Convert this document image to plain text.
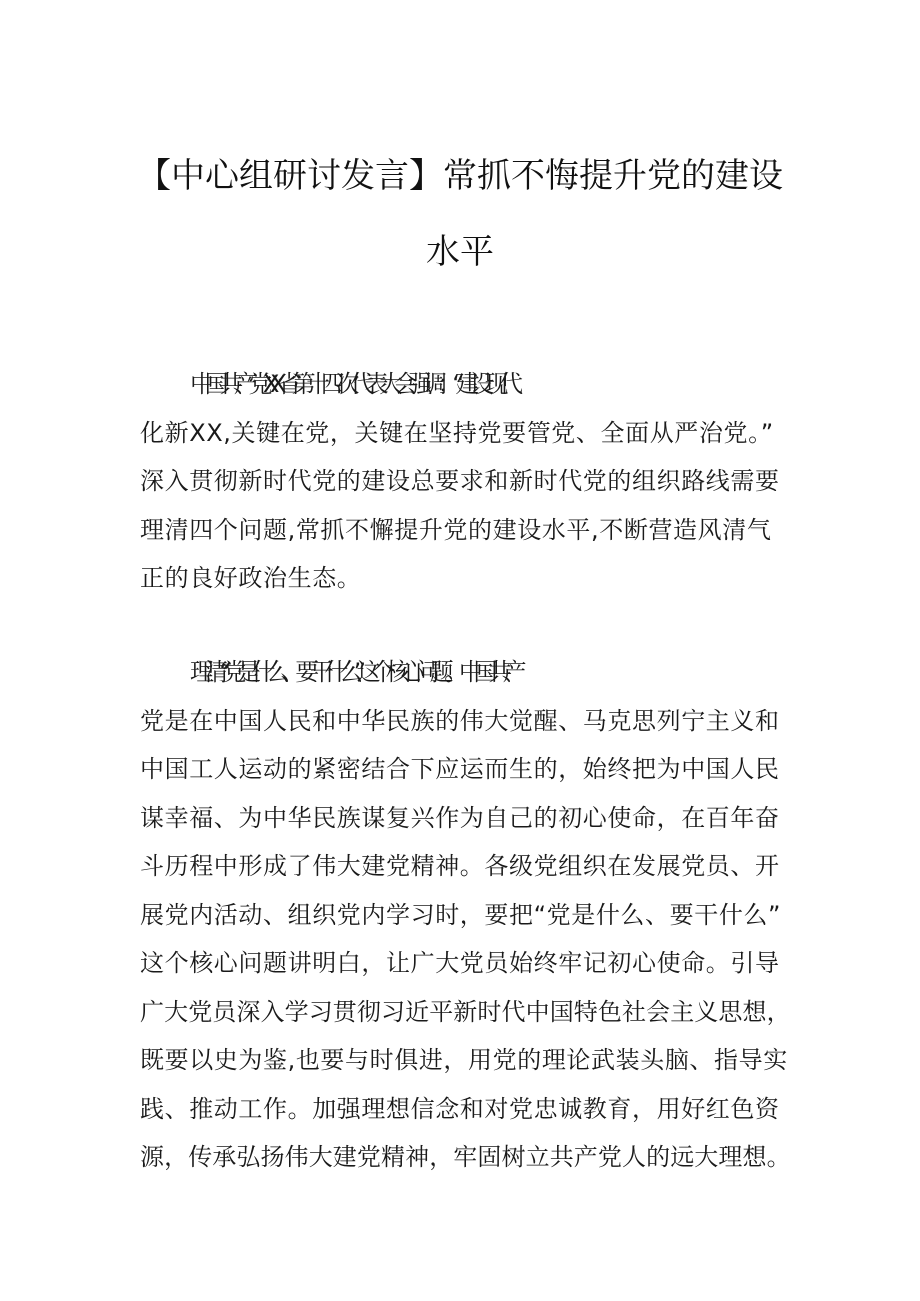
【中心组研讨发言】常抓不悔提升党的建设
水平
中国共产党XX省第十四次代表大会强调：“建设现代
化新XX,关键在党，关键在坚持党要管党、全面从严治党。”
深入贯彻新时代党的建设总要求和新时代党的组织路线需要
理清四个问题,常抓不懈提升党的建设水平,不断营造风清气
正的良好政治生态。
理清“党是什么、要干什么”这个核心问题。中国共产
党是在中国人民和中华民族的伟大觉醒、马克思列宁主义和
中国工人运动的紧密结合下应运而生的，始终把为中国人民
谋幸福、为中华民族谋复兴作为自己的初心使命，在百年奋
斗历程中形成了伟大建党精神。各级党组织在发展党员、开
展党内活动、组织党内学习时，要把“党是什么、要干什么”
这个核心问题讲明白，让广大党员始终牢记初心使命。引导
广大党员深入学习贯彻习近平新时代中国特色社会主义思想，
既要以史为鉴,也要与时俱进，用党的理论武装头脑、指导实
践、推动工作。加强理想信念和对党忠诚教育，用好红色资
源，传承弘扬伟大建党精神，牢固树立共产党人的远大理想。
